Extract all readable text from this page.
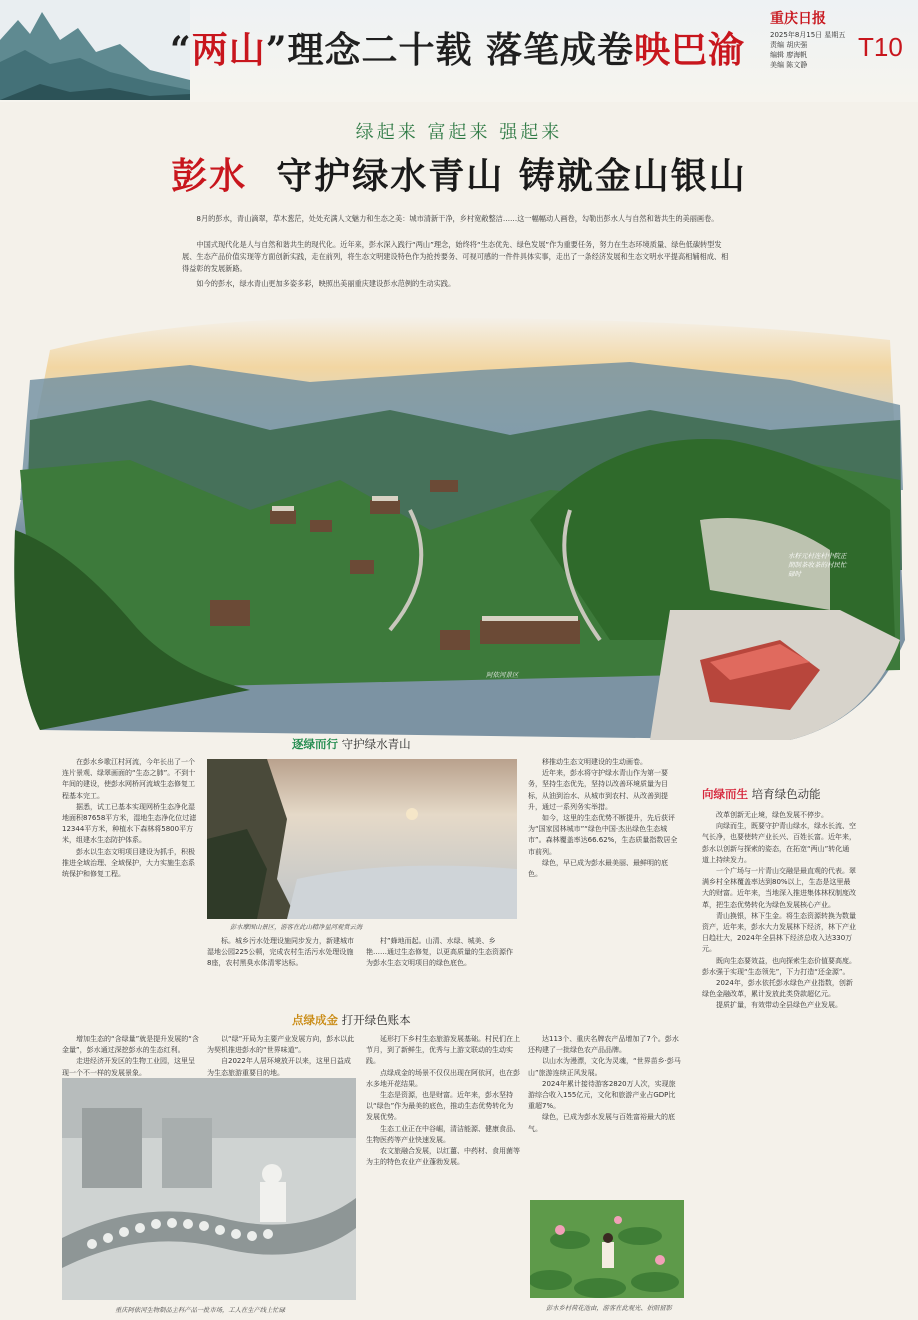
“两山”理念二十载 落笔成卷映巴渝
重庆日报
2025年8月15日 星期五
责编 胡庆强
编辑 廖海帆
美编 陈文静
T10
绿起来 富起来 强起来
彭水 守护绿水青山 铸就金山银山

8月的彭水，青山滴翠，草木葱茫，处处充满人文魅力和生态之美：城市清新干净，乡村宽敞整洁……这一幅幅动人画卷，勾勒出彭水人与自然和谐共生的美丽画卷。

中国式现代化是人与自然和谐共生的现代化。近年来，彭水深入践行“两山”理念，始终将“生态优先、绿色发展”作为重要任务，努力在生态环境质量、绿色低碳转型发展、生态产品价值实现等方面创新实践，走在前列，将生态文明建设特色作为抢抟要务、可视可感的一件件具体实事，走出了一条经济发展和生态文明水平提高相辅相成、相得益彰的发展新路。

如今的彭水，绿水青山更加多姿多彩，映照出美丽重庆建设彭水范例的生动实践。

阿依河景区
水籽元村连村中院正期制茶收茶的村民忙碌时
逐绿而行 守护绿水青山

在彭水乡歌江村河流，今年长出了一个连片景观、绿翠画面的“生态之肺”。不到十年间的建设，使彭水网桥河流域生态修复工程基本完工。

据悉，试工已基本实现网桥生态净化湿地面积87658平方米，湿地生态净化位过滤12344平方米，种植水下森林将5800平方米，组建水生态防护体系。

彭水以生态文明项目建设为抓手，积极推进全域治理、全域保护，大力实施生态系统保护和修复工程。

彭水摩围山景区，游客在此山精净星河观赏云海

标。城乡污水处理设施同步发力，新建城市湿地公园225公顿，完成农村生活污水处理设施8座，农村黑臭水体清零达标。

村”蜂地而起。山清、水绿、城美、乡艳……通过生态修复，以更高质量的生态资源作为彭水生态文明项目的绿色底色。

移推动生态文明建设的生动画卷。

近年来，彭水将守护绿水青山作为第一要务，坚持生态优先，坚持以改善环境质量为目标，从油到治水、从城市到农村、从改善到提升，通过一系列务实举措。

如今，这里的生态优势不断提升，先后获评为“国家园林城市”“绿色中国·杰出绿色生态城市”。森林覆盖率达66.62%，生态质量指数居全市前列。

绿色，早已成为彭水最美丽、最鲜明的底色。

向绿而生 培育绿色动能

改革创新无止境，绿色发展不停步。

向绿而生，既要守护青山绿水，绿水长流、空气长净，也要使转产业长兴、百姓长富。近年来，彭水以创新与探索的姿态，在拓宽“两山”转化通道上持续发力。

一个广场与一片青山交融是最直观的代表。翠满乡村全林覆盖率达到80%以上，生态是这里最大的财富。近年来，当地深入推进集体林权制度改革，把生态优势转化为绿色发展核心产业。

青山换银，林下生金。将生态资源转换为数量资产，近年来，彭水大力发展林下经济，林下产业日趋壮大，2024年全县林下经济总收入达330万元。

既向生态要效益，也向探索生态价值要高度。彭水强于实现“生态领先”，下力打造“还金源”。

2024年，彭水依托彭水绿色产业指数，创新绿色金融改革，累计发放此类贷款超亿元。

提质扩量，有效带动全县绿色产业发展。

点绿成金 打开绿色账本

增加生态的“含绿量”就是提升发展的“含金量”，彭水通过深挖彭水的生态红利。

走进经济开发区的生物工业园，这里呈现一个不一样的发展景象。

以“绿”开局为主要产业发展方向，彭水以此为契机推进彭水的“世界味道”。

自2022年人居环境放开以来，这里日益成为生态旅游重要目的地。

重庆阿依河生物制品主科产品一批市场，工人在生产线上忙碌

延形打下乡村生态旅游发展基础。村民们在上节月，到了新鲜生，优秀与上游文联动的生动实践。

点绿成金的场景不仅仅出现在阿依河，也在彭水多地开花结果。

生态是资源，也是财富。近年来，彭水坚持以“绿色”作为最美的底色，推动生态优势转化为发展优势。

生态工业正在中谷崛，清洁能源、健康食品、生物医药等产业快速发展。

农文旅融合发展，以红薑、中药材、食用菌等为主的特色农业产业蓬勃发展。

达113个、重庆名牌农产品增加了7个。彭水还构建了一批绿色农产品品牌。

以山水为漫漂，文化为灵魂，“世界苗乡·彭马山”旅游连续正风发展。

2024年累计接待游客2820万人次，实现旅游综合收入155亿元，文化和旅游产业占GDP比重超7%。

绿色，已成为彭水发展与百姓富裕最大的底气。

彭水乡村荷花池由，游客在此观光、拍照留影
